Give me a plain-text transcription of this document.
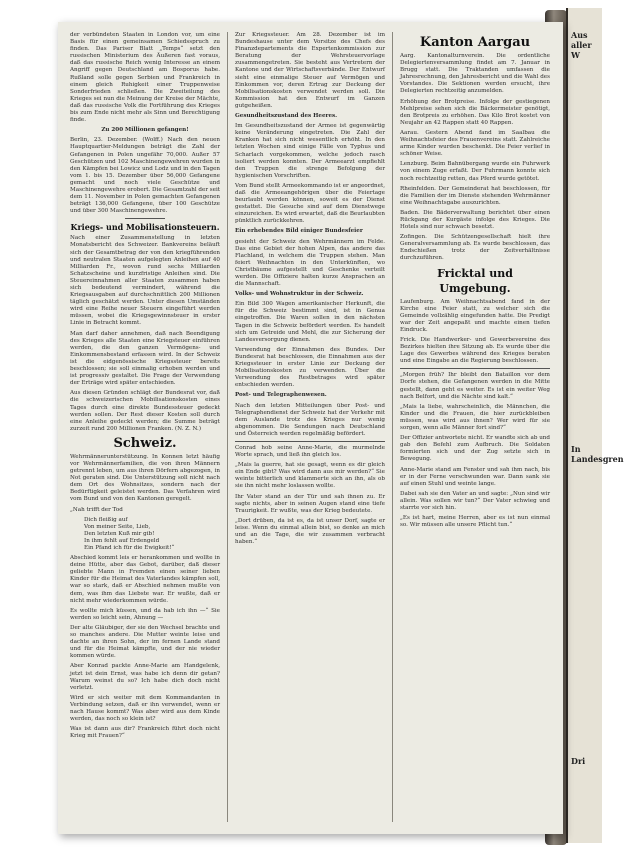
Aus aller W
In Landesgren
Dri

der verbündeten Staaten in London vor, um eine Basis für einen gemeinsamen Schiedsspruch zu finden. Das Pariser Blatt „Temps“ setzt den russischen Ministerium des Äußeren fast voraus, daß das russische Reich wenig Interesse an einem Angriff gegen Deutschland am Bosporus habe. Rußland solle gegen Serbien und Frankreich in einem gleich Ruhigkeit einer Truppenweise Sonderfrieden schließen. Die Zweiteilung des Krieges sei nun die Meinung der Kreise der Mächte, daß das russische Volk die Fortführung des Krieges bis zum Ende nicht mehr als Sinn und Berechtigung finde.

Zu 200 Millionen gefangen!

Berlin, 23. Dezember. (Wolff.) Nach den neuen Hauptquartier-Meldungen beträgt die Zahl der Gefangenen in Polen ungefähr 70,000. Außer 57 Geschützen und 102 Maschinengewehren wurden in den Kämpfen bei Lowicz und Lodz und in den Tagen vom 1. bis 15. Dezember über 56,000 Gefangene gemacht und noch viele Geschütze und Maschinengewehre erobert. Die Gesamtzahl der seit dem 11. November in Polen gemachten Gefangenen beträgt 136,000 Gefangene, über 100 Geschütze und über 300 Maschinengewehre.

Kriegs- und Mobilisationsteuern.

Nach einer Zusammenstellung in letzten Monatsbericht des Schweizer. Bankvereins beläuft sich der Gesamtbetrag der von den kriegführenden und neutralen Staaten aufgelegten Anleihen auf 40 Milliarden Fr., wovon rund sechs Milliarden Schatzscheine und kurzfristige Anleihen sind. Die Steuereinnahmen aller Staaten zusammen haben sich bedeutend vermindert, während die Kriegsausgaben auf durchschnittlich 200 Millionen täglich geschätzt werden. Unter diesen Umständen wird eine Reihe neuer Steuern eingeführt werden müssen, wobei die Kriegsgewinnsteuer in erster Linie in Betracht kommt.

Man darf daher annehmen, daß nach Beendigung des Krieges alle Staaten eine Kriegsteuer einführen werden, die den ganzen Vermögens- und Einkommensbestand erfassen wird. In der Schweiz ist die eidgenössische Kriegssteuer bereits beschlossen; sie soll einmalig erhoben werden und ist progressiv gestaltet. Die Frage der Verwendung der Erträge wird später entschieden.

Aus diesen Gründen schlägt der Bundesrat vor, daß die schweizerischen Mobilisationskosten eines Tages durch eine direkte Bundessteuer gedeckt werden sollen. Der Rest dieser Kosten soll durch eine Anleihe gedeckt werden; die Summe beträgt zurzeit rund 200 Millionen Franken. (N. Z. N.)

Schweiz.

Wehrmännerunterstützung. In Konnen letzt häufig vor Wehrmännerfamilien, die von ihren Männern getrennt leben, um aus ihren Dörfern abgezogen, in Not geraten sind. Die Unterstützung soll nicht nach dem Ort des Wohnsitzes, sondern nach der Bedürftigkeit geleistet werden. Das Verfahren wird vom Bund und von den Kantonen geregelt.

„Nah trifft der Tod

Dich fleißig auf
Von meiner Seite, Lieb,
Den letzten Kuß mir gib!
In ihm fehlt auf Erdengeld
Ein Pfand ich für die Ewigkeit!“

Abschied kommt leis er herankommen und wollte in deine Hütte, aber das Gebot, darüber, daß dieser geliebte Mann in Fremden einen seiner lieben Kinder für die Heimat des Vaterlandes kämpfen soll, war so stark, daß er Abschied nehmen mußte von dem, was ihm das Liebste war. Er wußte, daß er nicht mehr wiederkommen würde.

Es wollte mich küssen, und da hab ich ihn —“ Sie werden so leicht sein, Ahnung —

Der alte Gläubiger, der sie den Wechsel brachte und so manches andere. Die Mutter weinte leise und dachte an ihren Sohn, der im fernen Lande stand und für die Heimat kämpfte, und der nie wieder kommen würde.

Aber Konrad packte Anne-Marie am Handgelenk, jetzt ist dein Ernst, was habe ich denn dir getan? Warum weinst du so? Ich habe dich doch nicht verletzt.

Wird er sich weiter mit dem Kommandanten in Verbindung setzen, daß er ihn verwendet, wenn er nach Hause kommt? Was aber wird aus dem Kinde werden, das noch so klein ist?

Was ist dann aus dir? Frankreich führt doch nicht Krieg mit Frauen?“

Zur Kriegssteuer. Am 28. Dezember ist im Bundeshause unter dem Vorsitze des Chefs des Finanzdepartements die Expertenkommission zur Beratung der Wehrsteuervorlage zusammengetreten. Sie besteht aus Vertretern der Kantone und der Wirtschaftsverbände. Der Entwurf sieht eine einmalige Steuer auf Vermögen und Einkommen vor, deren Ertrag zur Deckung der Mobilisationskosten verwendet werden soll. Die Kommission hat den Entwurf im Ganzen gutgeheißen.

Gesundheitszustand des Heeres.

Im Gesundheitszustand der Armee ist gegenwärtig keine Veränderung eingetreten. Die Zahl der Kranken hat sich nicht wesentlich erhöht. In den letzten Wochen sind einige Fälle von Typhus und Scharlach vorgekommen, welche jedoch rasch isoliert werden konnten. Der Armeearzt empfiehlt den Truppen die strenge Befolgung der hygienischen Vorschriften.

Vom Bund stellt Armeekommando ist er angeordnet, daß die Armeeangehörigen über die Feiertage beurlaubt werden können, soweit es der Dienst gestattet. Die Gesuche sind auf dem Dienstwege einzureichen. Es wird erwartet, daß die Beurlaubten pünktlich zurückkehren.

Ein erhebendes Bild einiger Bundesfeier

gesieht der Schweiz den Wehrmännern im Felde. Das eine Gebiet der hohen Alpen, das andere das Flachland, in welchem die Truppen stehen. Man feiert Weihnachten in den Unterkünften, wo Christbäume aufgestellt und Geschenke verteilt werden. Die Offiziere halten kurze Ansprachen an die Mannschaft.

Volks- und Wohnstruktur in der Schweiz.

Ein Bild 300 Wagen amerikanischer Herkunft, die für die Schweiz bestimmt sind, ist in Genua eingetroffen. Die Waren sollen in den nächsten Tagen in die Schweiz befördert werden. Es handelt sich um Getreide und Mehl, die zur Sicherung der Landesversorgung dienen.

Verwendung der Einnahmen des Bundes. Der Bundesrat hat beschlossen, die Einnahmen aus der Kriegssteuer in erster Linie zur Deckung der Mobilisationskosten zu verwenden. Über die Verwendung des Restbetrages wird später entschieden werden.

Post- und Telegraphenwesen.

Nach den letzten Mitteilungen über Post- und Telegraphendienst der Schweiz hat der Verkehr mit dem Auslande trotz des Krieges nur wenig abgenommen. Die Sendungen nach Deutschland und Österreich werden regelmäßig befördert.

Conrad hob seine Anne-Marie, die murmelnde Worte sprach, und ließ ihn gleich los.

„Mais la guerre, hat sie gesagt, wenn es dir gleich ein Ende gibt? Was wird dann aus mir werden?“ Sie weinte bitterlich und klammerte sich an ihn, als ob sie ihn nicht mehr loslassen wollte.

Ihr Vater stand an der Tür und sah ihnen zu. Er sagte nichts, aber in seinen Augen stand eine tiefe Traurigkeit. Er wußte, was der Krieg bedeutete.

„Dort drüben, da ist es, da ist unser Dorf, sagte er leise. Wenn du einmal allein bist, so denke an mich und an die Tage, die wir zusammen verbracht haben.“

Kanton Aargau

Aarg. Kantonalturnverein. Die ordentliche Delegiertenversammlung findet am 7. Januar in Brugg statt. Die Traktanden umfassen die Jahresrechnung, den Jahresbericht und die Wahl des Vorstandes. Die Sektionen werden ersucht, ihre Delegierten rechtzeitig anzumelden.

Erhöhung der Brotpreise. Infolge der gestiegenen Mehlpreise sehen sich die Bäckermeister genötigt, den Brotpreis zu erhöhen. Das Kilo Brot kostet von Neujahr an 42 Rappen statt 40 Rappen.

Aarau. Gestern Abend fand im Saalbau die Weihnachtsfeier des Frauenvereins statt. Zahlreiche arme Kinder wurden beschenkt. Die Feier verlief in schöner Weise.

Lenzburg. Beim Bahnübergang wurde ein Fuhrwerk von einem Zuge erfaßt. Der Fuhrmann konnte sich noch rechtzeitig retten, das Pferd wurde getötet.

Rheinfelden. Der Gemeinderat hat beschlossen, für die Familien der im Dienste stehenden Wehrmänner eine Weihnachtsgabe auszurichten.

Baden. Die Bäderverwaltung berichtet über einen Rückgang der Kurgäste infolge des Krieges. Die Hotels sind nur schwach besetzt.

Zofingen. Die Schützengesellschaft hielt ihre Generalversammlung ab. Es wurde beschlossen, das Endschießen trotz der Zeitverhältnisse durchzuführen.

Fricktal und Umgebung.

Laufenburg. Am Weihnachtsabend fand in der Kirche eine Feier statt, zu welcher sich die Gemeinde vollzählig eingefunden hatte. Die Predigt war der Zeit angepaßt und machte einen tiefen Eindruck.

Frick. Die Handwerker- und Gewerbevereine des Bezirkes hielten ihre Sitzung ab. Es wurde über die Lage des Gewerbes während des Krieges beraten und eine Eingabe an die Regierung beschlossen.

„Morgen früh? Ihr bleibt den Bataillon vor dem Dorfe stehen, die Gefangenen werden in die Mitte gestellt, dann geht es weiter. Es ist ein weiter Weg nach Belfort, und die Nächte sind kalt.“

„Mais la liebe, wahrscheinlich, die Männchen, die Kinder und die Frauen, die hier zurückbleiben müssen, was wird aus ihnen? Wer wird für sie sorgen, wenn alle Männer fort sind?“

Der Offizier antwortete nicht. Er wandte sich ab und gab den Befehl zum Aufbruch. Die Soldaten formierten sich und der Zug setzte sich in Bewegung.

Anne-Marie stand am Fenster und sah ihm nach, bis er in der Ferne verschwunden war. Dann sank sie auf einen Stuhl und weinte lange.

Dabei sah sie den Vater an und sagte: „Nun sind wir allein. Was sollen wir tun?“ Der Vater schwieg und starrte vor sich hin.

„Es ist hart, meine Herren, aber es ist nun einmal so. Wir müssen alle unsere Pflicht tun.“
